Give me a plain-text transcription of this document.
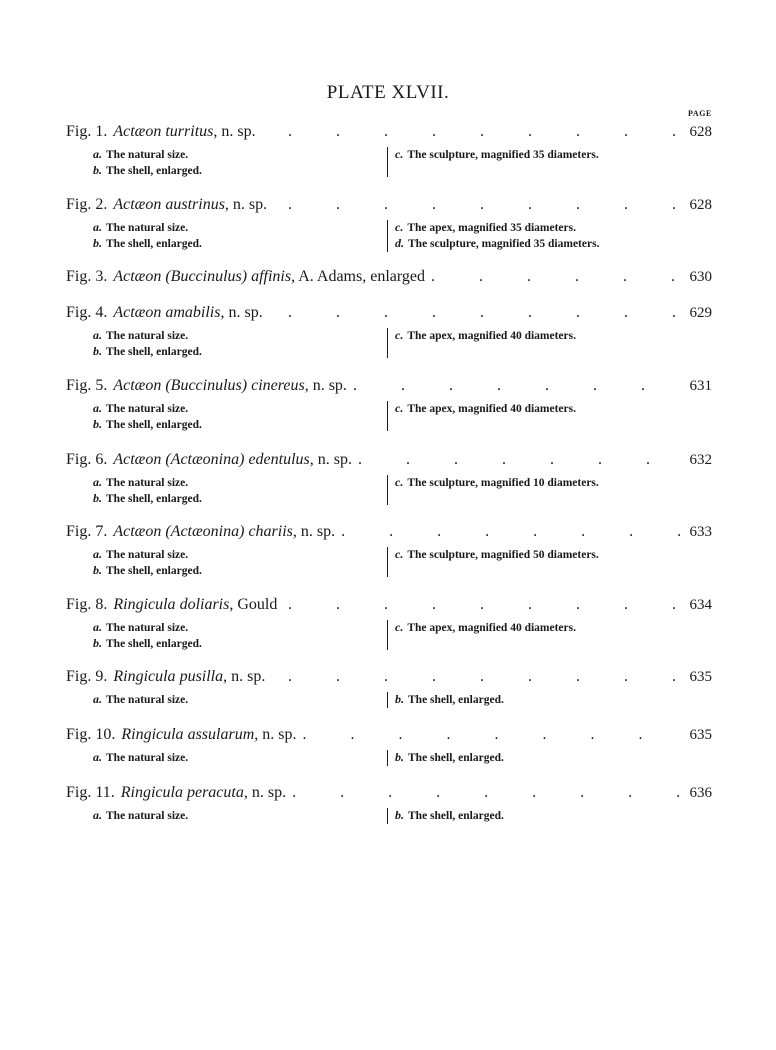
PLATE XLVII.
PAGE
Fig. 1. Actæon turritus, n. sp. .	628
a. The natural size.
b. The shell, enlarged.
c. The sculpture, magnified 35 diameters.
Fig. 2. Actæon austrinus, n. sp. .	628
a. The natural size.
b. The shell, enlarged.
c. The apex, magnified 35 diameters.
d. The sculpture, magnified 35 diameters.
Fig. 3. Actæon (Buccinulus) affinis, A. Adams, enlarged .	630
Fig. 4. Actæon amabilis, n. sp. .	629
a. The natural size.
b. The shell, enlarged.
c. The apex, magnified 40 diameters.
Fig. 5. Actæon (Buccinulus) cinereus, n. sp. .	631
a. The natural size.
b. The shell, enlarged.
c. The apex, magnified 40 diameters.
Fig. 6. Actæon (Actæonina) edentulus, n. sp. .	632
a. The natural size.
b. The shell, enlarged.
c. The sculpture, magnified 10 diameters.
Fig. 7. Actæon (Actæonina) chariis, n. sp. .	633
a. The natural size.
b. The shell, enlarged.
c. The sculpture, magnified 50 diameters.
Fig. 8. Ringicula doliaris, Gould .	634
a. The natural size.
b. The shell, enlarged.
c. The apex, magnified 40 diameters.
Fig. 9. Ringicula pusilla, n. sp. .	635
a. The natural size.	b. The shell, enlarged.
Fig. 10. Ringicula assularum, n. sp. .	635
a. The natural size.	b. The shell, enlarged.
Fig. 11. Ringicula peracuta, n. sp. .	636
a. The natural size.	b. The shell, enlarged.
